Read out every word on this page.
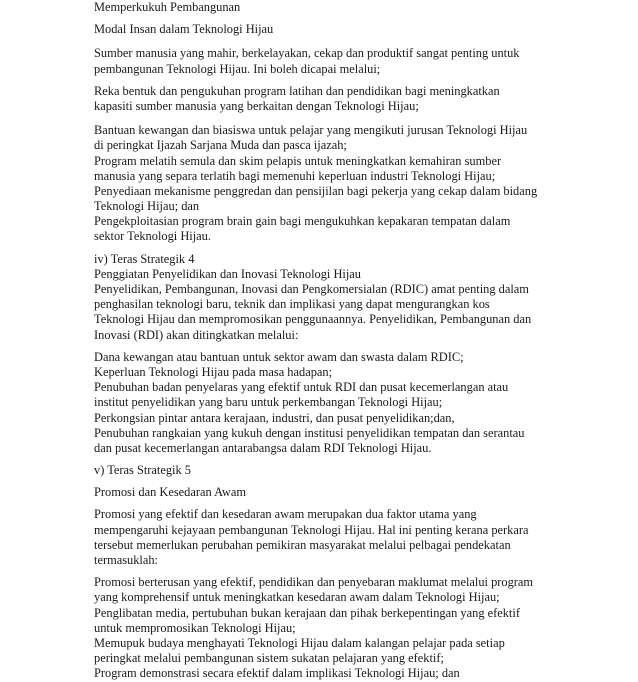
Memperkukuh Pembangunan
Modal Insan dalam Teknologi Hijau
Sumber manusia yang mahir, berkelayakan, cekap dan produktif sangat penting untuk
pembangunan Teknologi Hijau. Ini boleh dicapai melalui;
Reka bentuk dan pengukuhan program latihan dan pendidikan bagi meningkatkan
kapasiti sumber manusia yang berkaitan dengan Teknologi Hijau;
Bantuan kewangan dan biasiswa untuk pelajar yang mengikuti jurusan Teknologi Hijau
di peringkat Ijazah Sarjana Muda dan pasca ijazah;
Program melatih semula dan skim pelapis untuk meningkatkan kemahiran sumber
manusia yang separa terlatih bagi memenuhi keperluan industri Teknologi Hijau;
Penyediaan mekanisme penggredan dan pensijilan bagi pekerja yang cekap dalam bidang
Teknologi Hijau; dan
Pengekploitasian program brain gain bagi mengukuhkan kepakaran tempatan dalam
sektor Teknologi Hijau.
iv) Teras Strategik 4
Penggiatan Penyelidikan dan Inovasi Teknologi Hijau
Penyelidikan, Pembangunan, Inovasi dan Pengkomersialan (RDIC) amat penting dalam
penghasilan teknologi baru, teknik dan implikasi yang dapat mengurangkan kos
Teknologi Hijau dan mempromosikan penggunaannya. Penyelidikan, Pembangunan dan
Inovasi (RDI) akan ditingkatkan melalui:
Dana kewangan atau bantuan untuk sektor awam dan swasta dalam RDIC;
Keperluan Teknologi Hijau pada masa hadapan;
Penubuhan badan penyelaras yang efektif untuk RDI dan pusat kecemerlangan atau
institut penyelidikan yang baru untuk perkembangan Teknologi Hijau;
Perkongsian pintar antara kerajaan, industri, dan pusat penyelidikan;dan,
Penubuhan rangkaian yang kukuh dengan institusi penyelidikan tempatan dan serantau
dan pusat kecemerlangan antarabangsa dalam RDI Teknologi Hijau.
v) Teras Strategik 5
Promosi dan Kesedaran Awam
Promosi yang efektif dan kesedaran awam merupakan dua faktor utama yang
mempengaruhi kejayaan pembangunan Teknologi Hijau. Hal ini penting kerana perkara
tersebut memerlukan perubahan pemikiran masyarakat melalui pelbagai pendekatan
termasuklah:
Promosi berterusan yang efektif, pendidikan dan penyebaran maklumat melalui program
yang komprehensif untuk meningkatkan kesedaran awam dalam Teknologi Hijau;
Penglibatan media, pertubuhan bukan kerajaan dan pihak berkepentingan yang efektif
untuk mempromosikan Teknologi Hijau;
Memupuk budaya menghayati Teknologi Hijau dalam kalangan pelajar pada setiap
peringkat melalui pembangunan sistem sukatan pelajaran yang efektif;
Program demonstrasi secara efektif dalam implikasi Teknologi Hijau; dan
